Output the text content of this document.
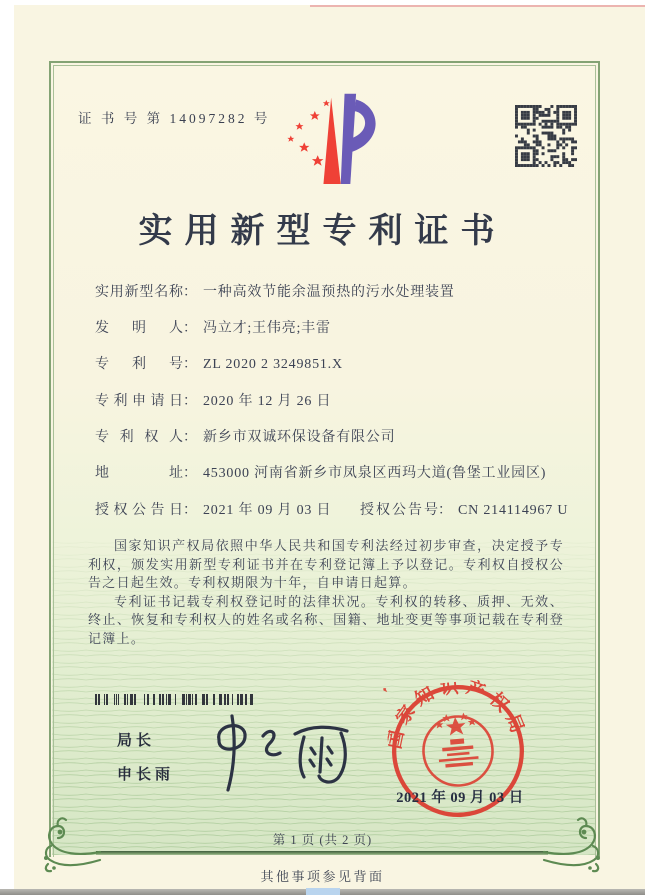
证 书 号 第 14097282 号
实用新型专利证书
实用新型名称： 一种高效节能余温预热的污水处理装置
发明人： 冯立才;王伟亮;丰雷
专利号： ZL 2020 2 3249851.X
专利申请日： 2020 年 12 月 26 日
专利权人： 新乡市双诚环保设备有限公司
地址： 453000 河南省新乡市凤泉区西玛大道(鲁堡工业园区)
授权公告日： 2021 年 09 月 03 日 授权公告号： CN 214114967 U

国家知识产权局依照中华人民共和国专利法经过初步审查，决定授予专利权，颁发实用新型专利证书并在专利登记簿上予以登记。专利权自授权公告之日起生效。专利权期限为十年，自申请日起算。

专利证书记载专利权登记时的法律状况。专利权的转移、质押、无效、终止、恢复和专利权人的姓名或名称、国籍、地址变更等事项记载在专利登记簿上。

局长
申长雨
国家知识产权局
2021 年 09 月 03 日
第 1 页 (共 2 页)
其他事项参见背面
